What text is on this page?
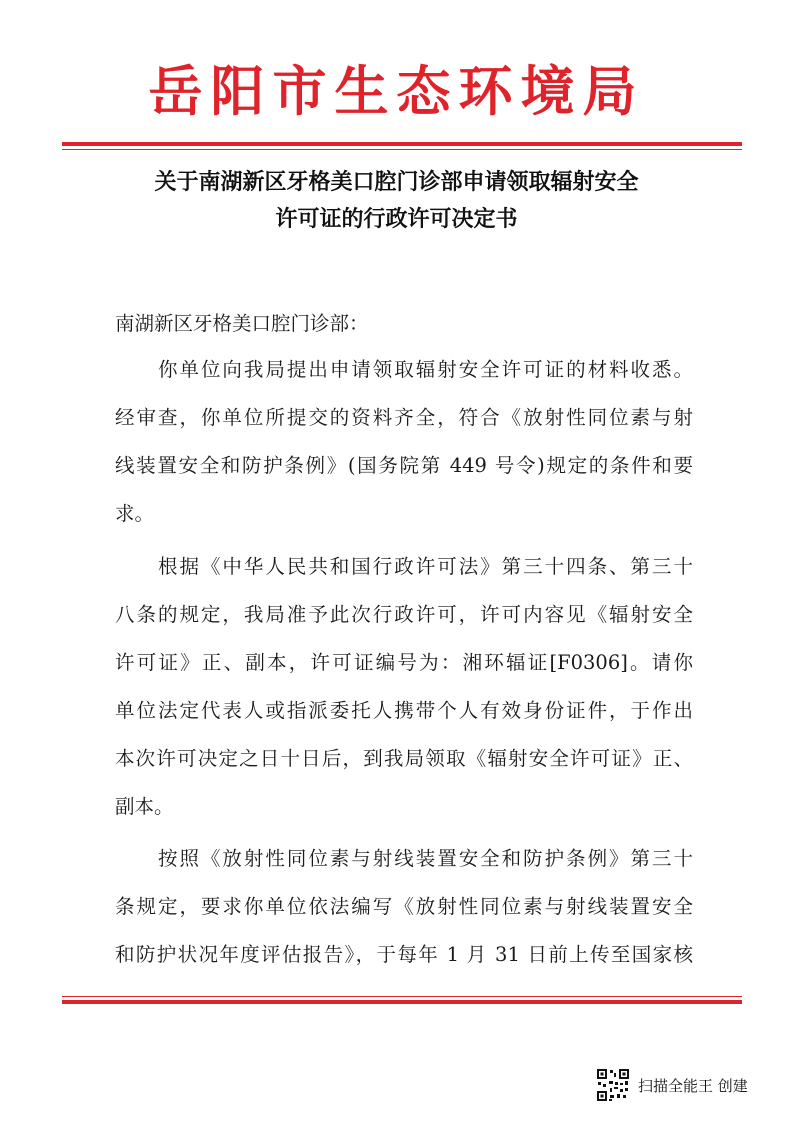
岳阳市生态环境局
关于南湖新区牙格美口腔门诊部申请领取辐射安全
许可证的行政许可决定书
南湖新区牙格美口腔门诊部：
你单位向我局提出申请领取辐射安全许可证的材料收悉。
经审查，你单位所提交的资料齐全，符合《放射性同位素与射
线装置安全和防护条例》(国务院第 449 号令)规定的条件和要
求。
根据《中华人民共和国行政许可法》第三十四条、第三十
八条的规定，我局准予此次行政许可，许可内容见《辐射安全
许可证》正、副本，许可证编号为：湘环辐证[F0306]。请你
单位法定代表人或指派委托人携带个人有效身份证件，于作出
本次许可决定之日十日后，到我局领取《辐射安全许可证》正、
副本。
按照《放射性同位素与射线装置安全和防护条例》第三十
条规定，要求你单位依法编写《放射性同位素与射线装置安全
和防护状况年度评估报告》，于每年 1 月 31 日前上传至国家核
扫描全能王 创建
